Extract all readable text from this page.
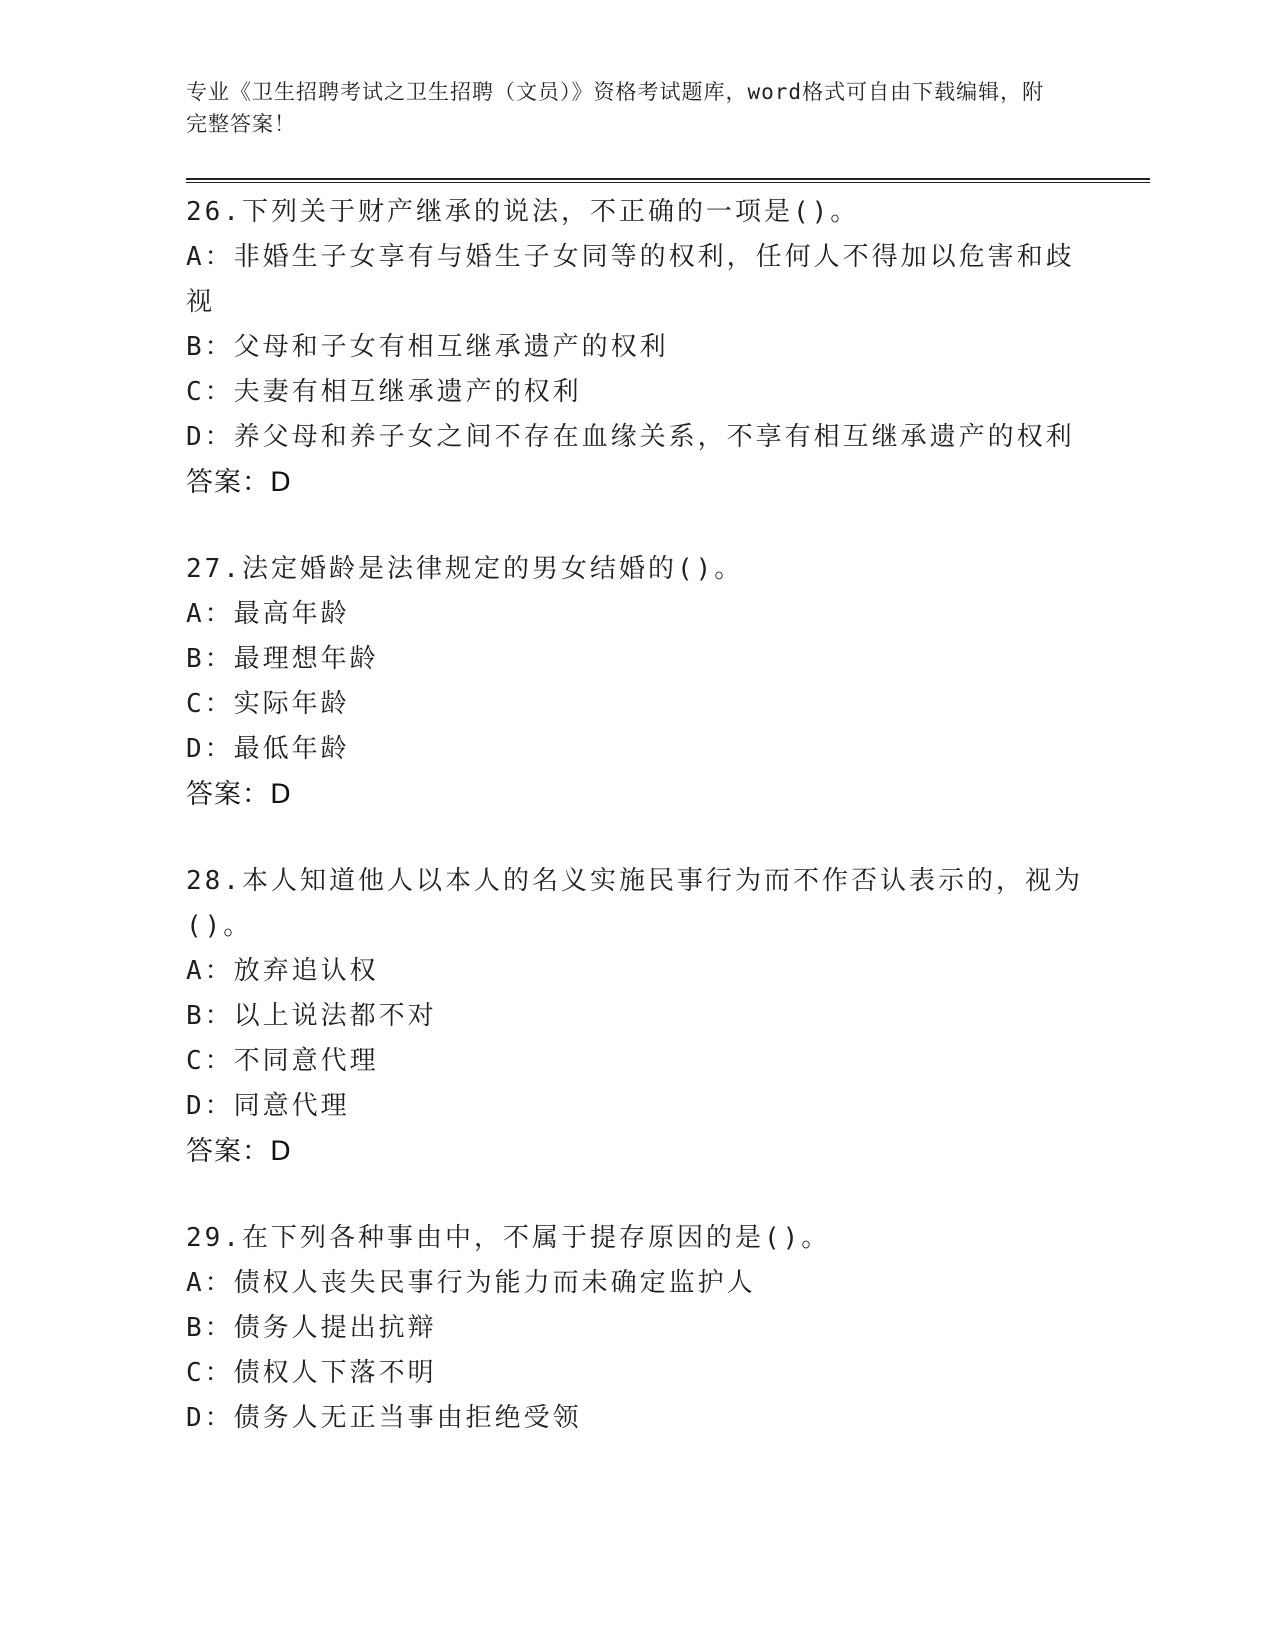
专业《卫生招聘考试之卫生招聘（文员）》资格考试题库，word格式可自由下载编辑，附完整答案！
26.下列关于财产继承的说法，不正确的一项是()。
A：非婚生子女享有与婚生子女同等的权利，任何人不得加以危害和歧视
B：父母和子女有相互继承遗产的权利
C：夫妻有相互继承遗产的权利
D：养父母和养子女之间不存在血缘关系，不享有相互继承遗产的权利
答案：D
27.法定婚龄是法律规定的男女结婚的()。
A：最高年龄
B：最理想年龄
C：实际年龄
D：最低年龄
答案：D
28.本人知道他人以本人的名义实施民事行为而不作否认表示的，视为()。
A：放弃追认权
B：以上说法都不对
C：不同意代理
D：同意代理
答案：D
29.在下列各种事由中，不属于提存原因的是()。
A：债权人丧失民事行为能力而未确定监护人
B：债务人提出抗辩
C：债权人下落不明
D：债务人无正当事由拒绝受领
